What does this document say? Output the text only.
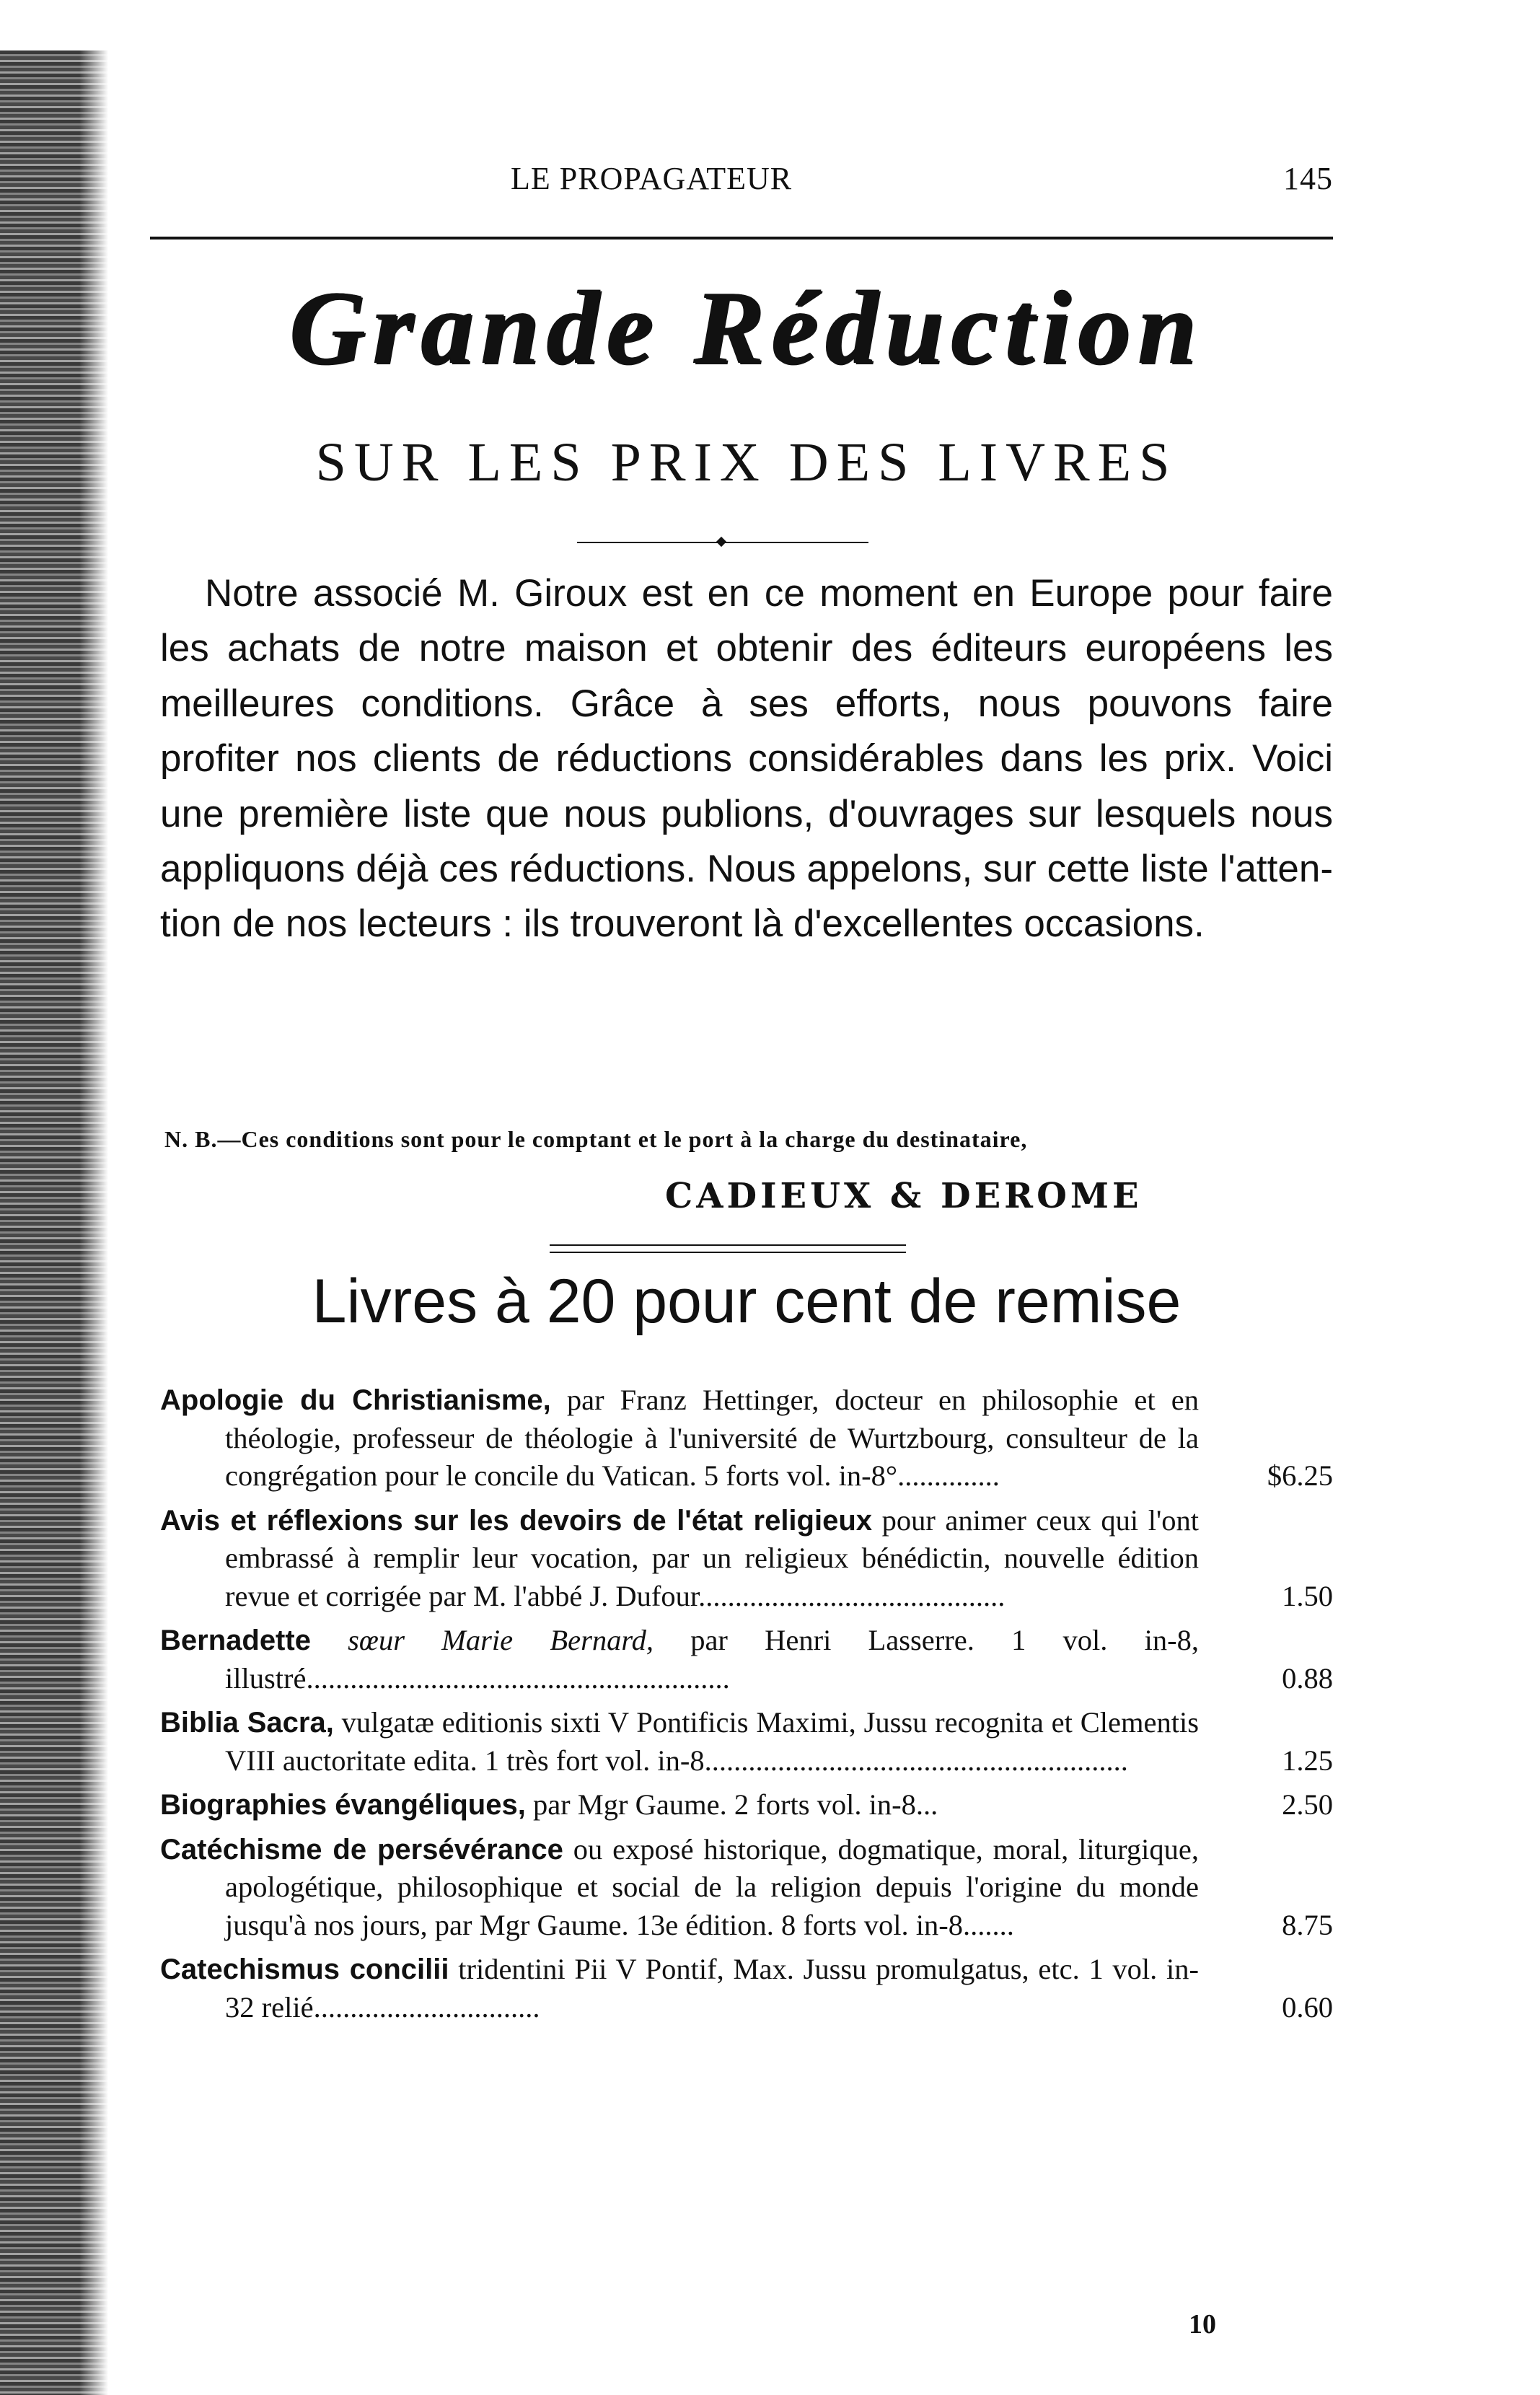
LE PROPAGATEUR	145
Grande Réduction
SUR LES PRIX DES LIVRES

Notre associé M. Giroux est en ce moment en Europe pour faire les achats de notre maison et obtenir des éditeurs européens les meilleures conditions. Grâce à ses efforts, nous pouvons faire profiter nos clients de réductions considérables dans les prix. Voici une première liste que nous publions, d'ouvrages sur lesquels nous appliquons déjà ces réductions. Nous appelons, sur cette liste l'attention de nos lecteurs : ils trouveront là d'excellentes occasions.

N. B.—Ces conditions sont pour le comptant et le port à la charge du destinataire,
CADIEUX & DEROME
Livres à 20 pour cent de remise
Apologie du Christianisme, par Franz Hettinger, docteur en philosophie et en théologie, professeur de théologie à l'université de Wurtzbourg, consulteur de la congrégation pour le concile du Vatican. 5 forts vol. in-8°..............	$6.25
Avis et réflexions sur les devoirs de l'état religieux pour animer ceux qui l'ont embrassé à remplir leur vocation, par un religieux bénédictin, nouvelle édition revue et corrigée par M. l'abbé J. Dufour..........................................	1.50
Bernadette sœur Marie Bernard, par Henri Lasserre. 1 vol. in-8, illustré..........................................................	0.88
Biblia Sacra, vulgatæ editionis sixti V Pontificis Maximi, Jussu recognita et Clementis VIII auctoritate edita. 1 très fort vol. in-8..........................................................	1.25
Biographies évangéliques, par Mgr Gaume. 2 forts vol. in-8...	2.50
Catéchisme de persévérance ou exposé historique, dogmatique, moral, liturgique, apologétique, philosophique et social de la religion depuis l'origine du monde jusqu'à nos jours, par Mgr Gaume. 13e édition. 8 forts vol. in-8.......	8.75
Catechismus concilii tridentini Pii V Pontif, Max. Jussu promulgatus, etc. 1 vol. in-32 relié...............................	0.60
10
